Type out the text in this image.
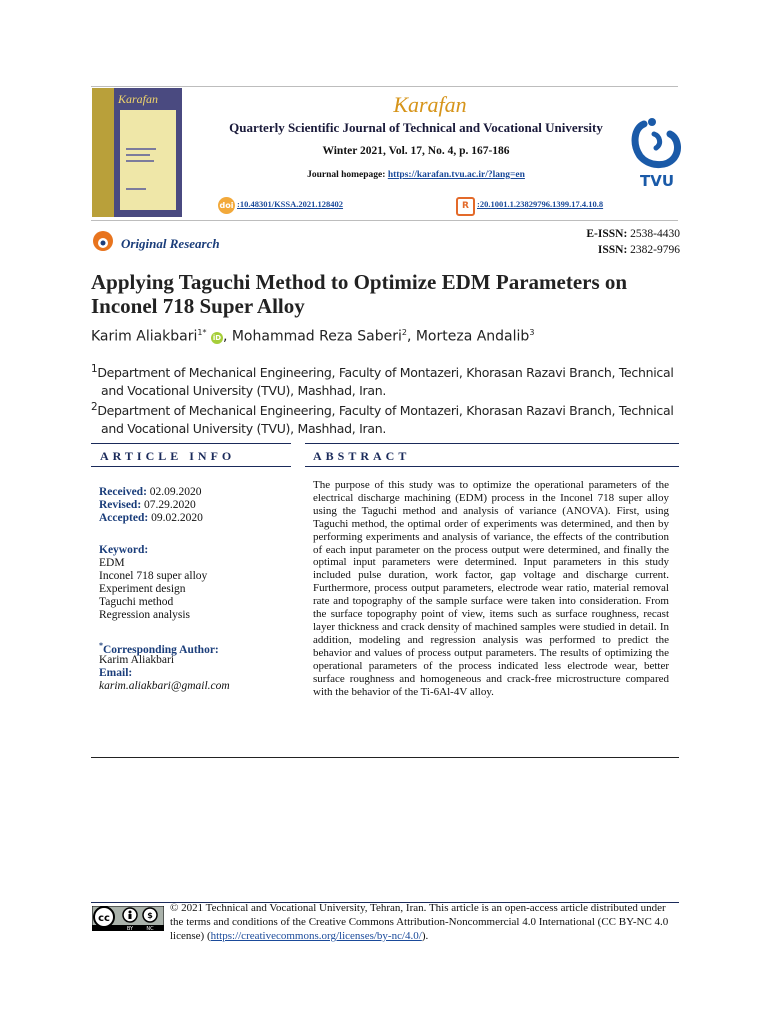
Karafan	Karafan
Quarterly Scientific Journal of Technical and Vocational University
Winter 2021, Vol. 17, No. 4, p. 167-186
Journal homepage: https://karafan.tvu.ac.ir/?lang=en
doi :10.48301/KSSA.2021.128402	R :20.1001.1.23829796.1399.17.4.10.8
TVU
Original Research
E-ISSN: 2538-4430
ISSN: 2382-9796
Applying Taguchi Method to Optimize EDM Parameters on Inconel 718 Super Alloy
Karim Aliakbari$^{1*}$ iD , Mohammad Reza Saberi$^2$, Morteza Andalib$^3$
$^1$Department of Mechanical Engineering, Faculty of Montazeri, Khorasan Razavi Branch, Technical
and Vocational University (TVU), Mashhad, Iran.
$^2$Department of Mechanical Engineering, Faculty of Montazeri, Khorasan Razavi Branch, Technical
and Vocational University (TVU), Mashhad, Iran.
ARTICLE INFO	ABSTRACT
Received: 02.09.2020
Revised: 07.29.2020
Accepted: 09.02.2020
Keyword:
EDM
Inconel 718 super alloy
Experiment design
Taguchi method
Regression analysis
*Corresponding Author:
Karim Aliakbari
Email:
karim.aliakbari@gmail.com
The purpose of this study was to optimize the operational parameters of the electrical discharge machining (EDM) process in the Inconel 718 super alloy using the Taguchi method and analysis of variance (ANOVA). First, using Taguchi method, the optimal order of experiments was determined, and then by performing experiments and analysis of variance, the effects of the contribution of each input parameter on the process output were determined, and finally the optimal input parameters were determined. Input parameters in this study included pulse duration, work factor, gap voltage and discharge current. Furthermore, process output parameters, electrode wear ratio, material removal rate and topography of the sample surface were taken into consideration. From the surface topography point of view, items such as surface roughness, recast layer thickness and crack density of machined samples were studied in detail. In addition, modeling and regression analysis was performed to predict the behavior and values of process output parameters. The results of optimizing the operational parameters of the process indicated less electrode wear, better surface roughness and homogeneous and crack-free microstructure compared with the behavior of the Ti-6Al-4V alloy.
cc	$
BY	NC
© 2021 Technical and Vocational University, Tehran, Iran. This article is an open-access article distributed under the terms and conditions of the Creative Commons Attribution-Noncommercial 4.0 International (CC BY-NC 4.0 license) (https://creativecommons.org/licenses/by-nc/4.0/).
